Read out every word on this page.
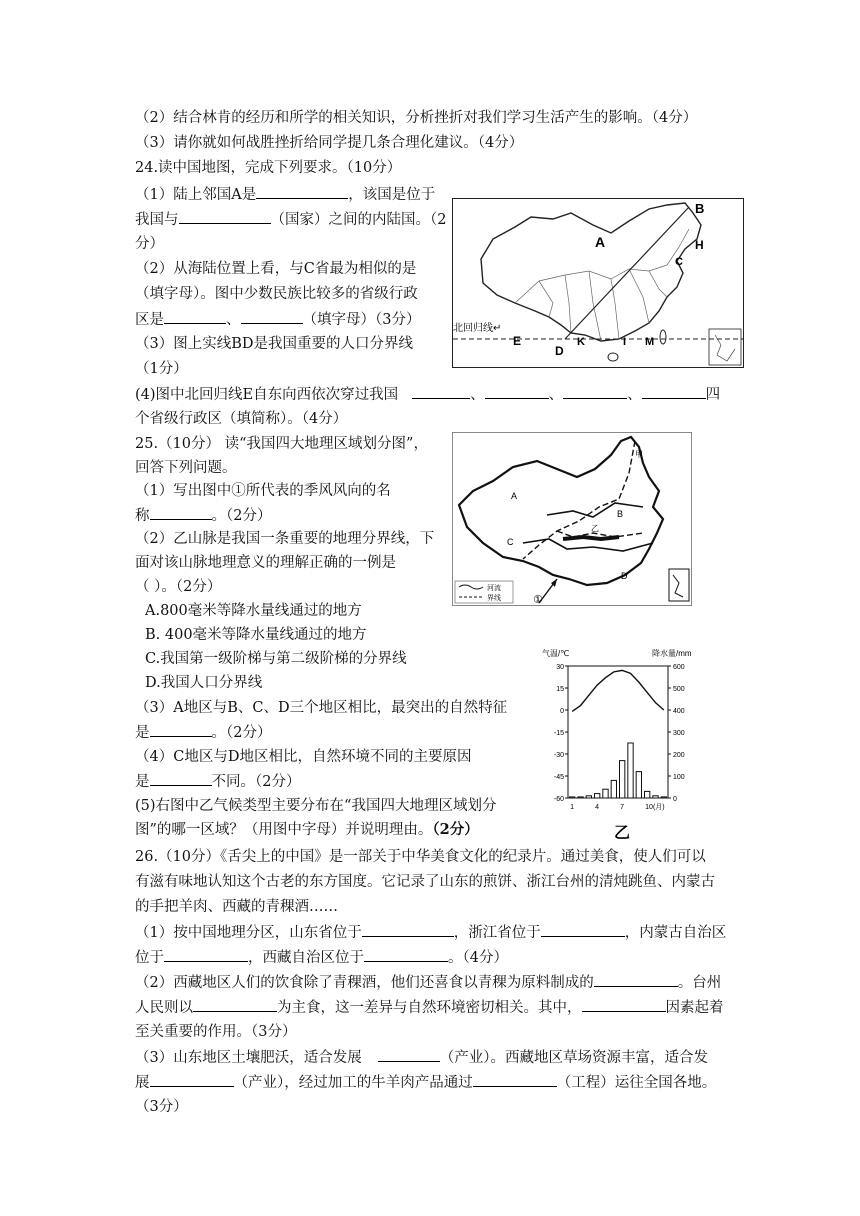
（2）结合林肯的经历和所学的相关知识，分析挫折对我们学习生活产生的影响。（4分）
（3）请你就如何战胜挫折给同学提几条合理化建议。（4分）
24.读中国地图，完成下列要求。（10分）
（1）陆上邻国A是	，该国是位于
我国与	（国家）之间的内陆国。（2
分）
（2）从海陆位置上看，与C省最为相似的是
（填字母）。图中少数民族比较多的省级行政
区是	、	（填字母）（3分）
（3）图上实线BD是我国重要的人口分界线
（1分）
(4)图中北回归线E自东向西依次穿过我国	、	、	、	四
个省级行政区（填简称）。（4分）
A
B
H
C
E
D
K	I M
北回归线↵
25.（10分） 读“我国四大地理区域划分图”，
回答下列问题。
（1）写出图中①所代表的季风风向的名
称	。（2分）
（2）乙山脉是我国一条重要的地理分界线，下
面对该山脉地理意义的理解正确的一例是
（ ）。（2分）
A.800毫米等降水量线通过的地方
B. 400毫米等降水量线通过的地方
C.我国第一级阶梯与第二级阶梯的分界线
D.我国人口分界线
（3）A地区与B、C、D三个地区相比，最突出的自然特征
是	。（2分）
（4）C地区与D地区相比，自然环境不同的主要原因
是	不同。（2分）
(5)右图中乙气候类型主要分布在“我国四大地理区域划分
图”的哪一区域？（用图中字母）并说明理由。（2分）
河流
界线
甲
A
B
C
D
乙
①
气温/℃	降水量/mm
30
15
0
-15
-30
-45
-60
600
500
400
300
200
100
0
1	4	7	10(月)
乙
26.（10分）《舌尖上的中国》是一部关于中华美食文化的纪录片。通过美食，使人们可以
有滋有味地认知这个古老的东方国度。它记录了山东的煎饼、浙江台州的清炖跳鱼、内蒙古
的手把羊肉、西藏的青稞酒……
（1）按中国地理分区，山东省位于	，浙江省位于	，内蒙古自治区
位于	，西藏自治区位于	。（4分）
（2）西藏地区人们的饮食除了青稞酒，他们还喜食以青稞为原料制成的	。台州
人民则以	为主食，这一差异与自然环境密切相关。其中，	因素起着
至关重要的作用。（3分）
（3）山东地区土壤肥沃，适合发展	（产业）。西藏地区草场资源丰富，适合发
展	（产业），经过加工的牛羊肉产品通过	（工程）运往全国各地。
（3分）
